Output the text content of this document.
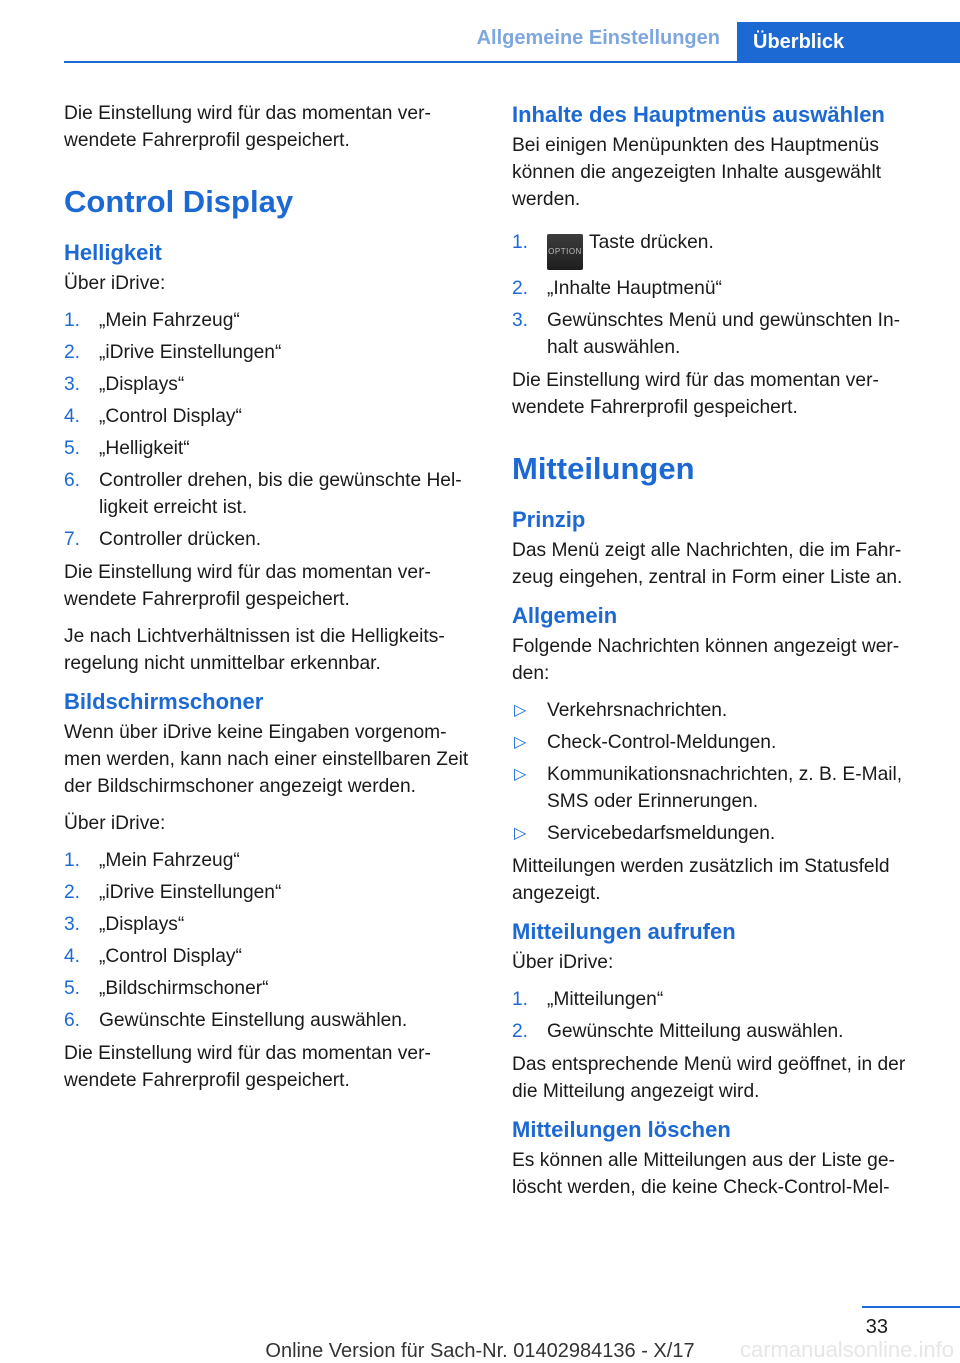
Allgemeine Einstellungen	Überblick

Die Einstellung wird für das momentan ver‐ wendete Fahrerprofil gespeichert.

Control Display
Helligkeit

Über iDrive:

1. „Mein Fahrzeug“
2. „iDrive Einstellungen“
3. „Displays“
4. „Control Display“
5. „Helligkeit“
6. Controller drehen, bis die gewünschte Hel‐ ligkeit erreicht ist.
7. Controller drücken.

Die Einstellung wird für das momentan ver‐ wendete Fahrerprofil gespeichert.

Je nach Lichtverhältnissen ist die Helligkeits‐ regelung nicht unmittelbar erkennbar.

Bildschirmschoner

Wenn über iDrive keine Eingaben vorgenom‐ men werden, kann nach einer einstellbaren Zeit der Bildschirmschoner angezeigt werden.

Über iDrive:

1. „Mein Fahrzeug“
2. „iDrive Einstellungen“
3. „Displays“
4. „Control Display“
5. „Bildschirmschoner“
6. Gewünschte Einstellung auswählen.

Die Einstellung wird für das momentan ver‐ wendete Fahrerprofil gespeichert.

Inhalte des Hauptmenüs auswählen

Bei einigen Menüpunkten des Hauptmenüs können die angezeigten Inhalte ausgewählt werden.

1.	OPTION Taste drücken.
2. „Inhalte Hauptmenü“
3. Gewünschtes Menü und gewünschten In‐ halt auswählen.

Die Einstellung wird für das momentan ver‐ wendete Fahrerprofil gespeichert.

Mitteilungen
Prinzip

Das Menü zeigt alle Nachrichten, die im Fahr‐ zeug eingehen, zentral in Form einer Liste an.

Allgemein

Folgende Nachrichten können angezeigt wer‐ den:

▷ Verkehrsnachrichten.
▷ Check-Control-Meldungen.
▷ Kommunikationsnachrichten, z. B. E-Mail, SMS oder Erinnerungen.
▷ Servicebedarfsmeldungen.

Mitteilungen werden zusätzlich im Statusfeld angezeigt.

Mitteilungen aufrufen

Über iDrive:

1. „Mitteilungen“
2. Gewünschte Mitteilung auswählen.

Das entsprechende Menü wird geöffnet, in der die Mitteilung angezeigt wird.

Mitteilungen löschen

Es können alle Mitteilungen aus der Liste ge‐ löscht werden, die keine Check-Control-Mel‐

33
Online Version für Sach-Nr. 01402984136 - X/17	carmanualsonline.info
